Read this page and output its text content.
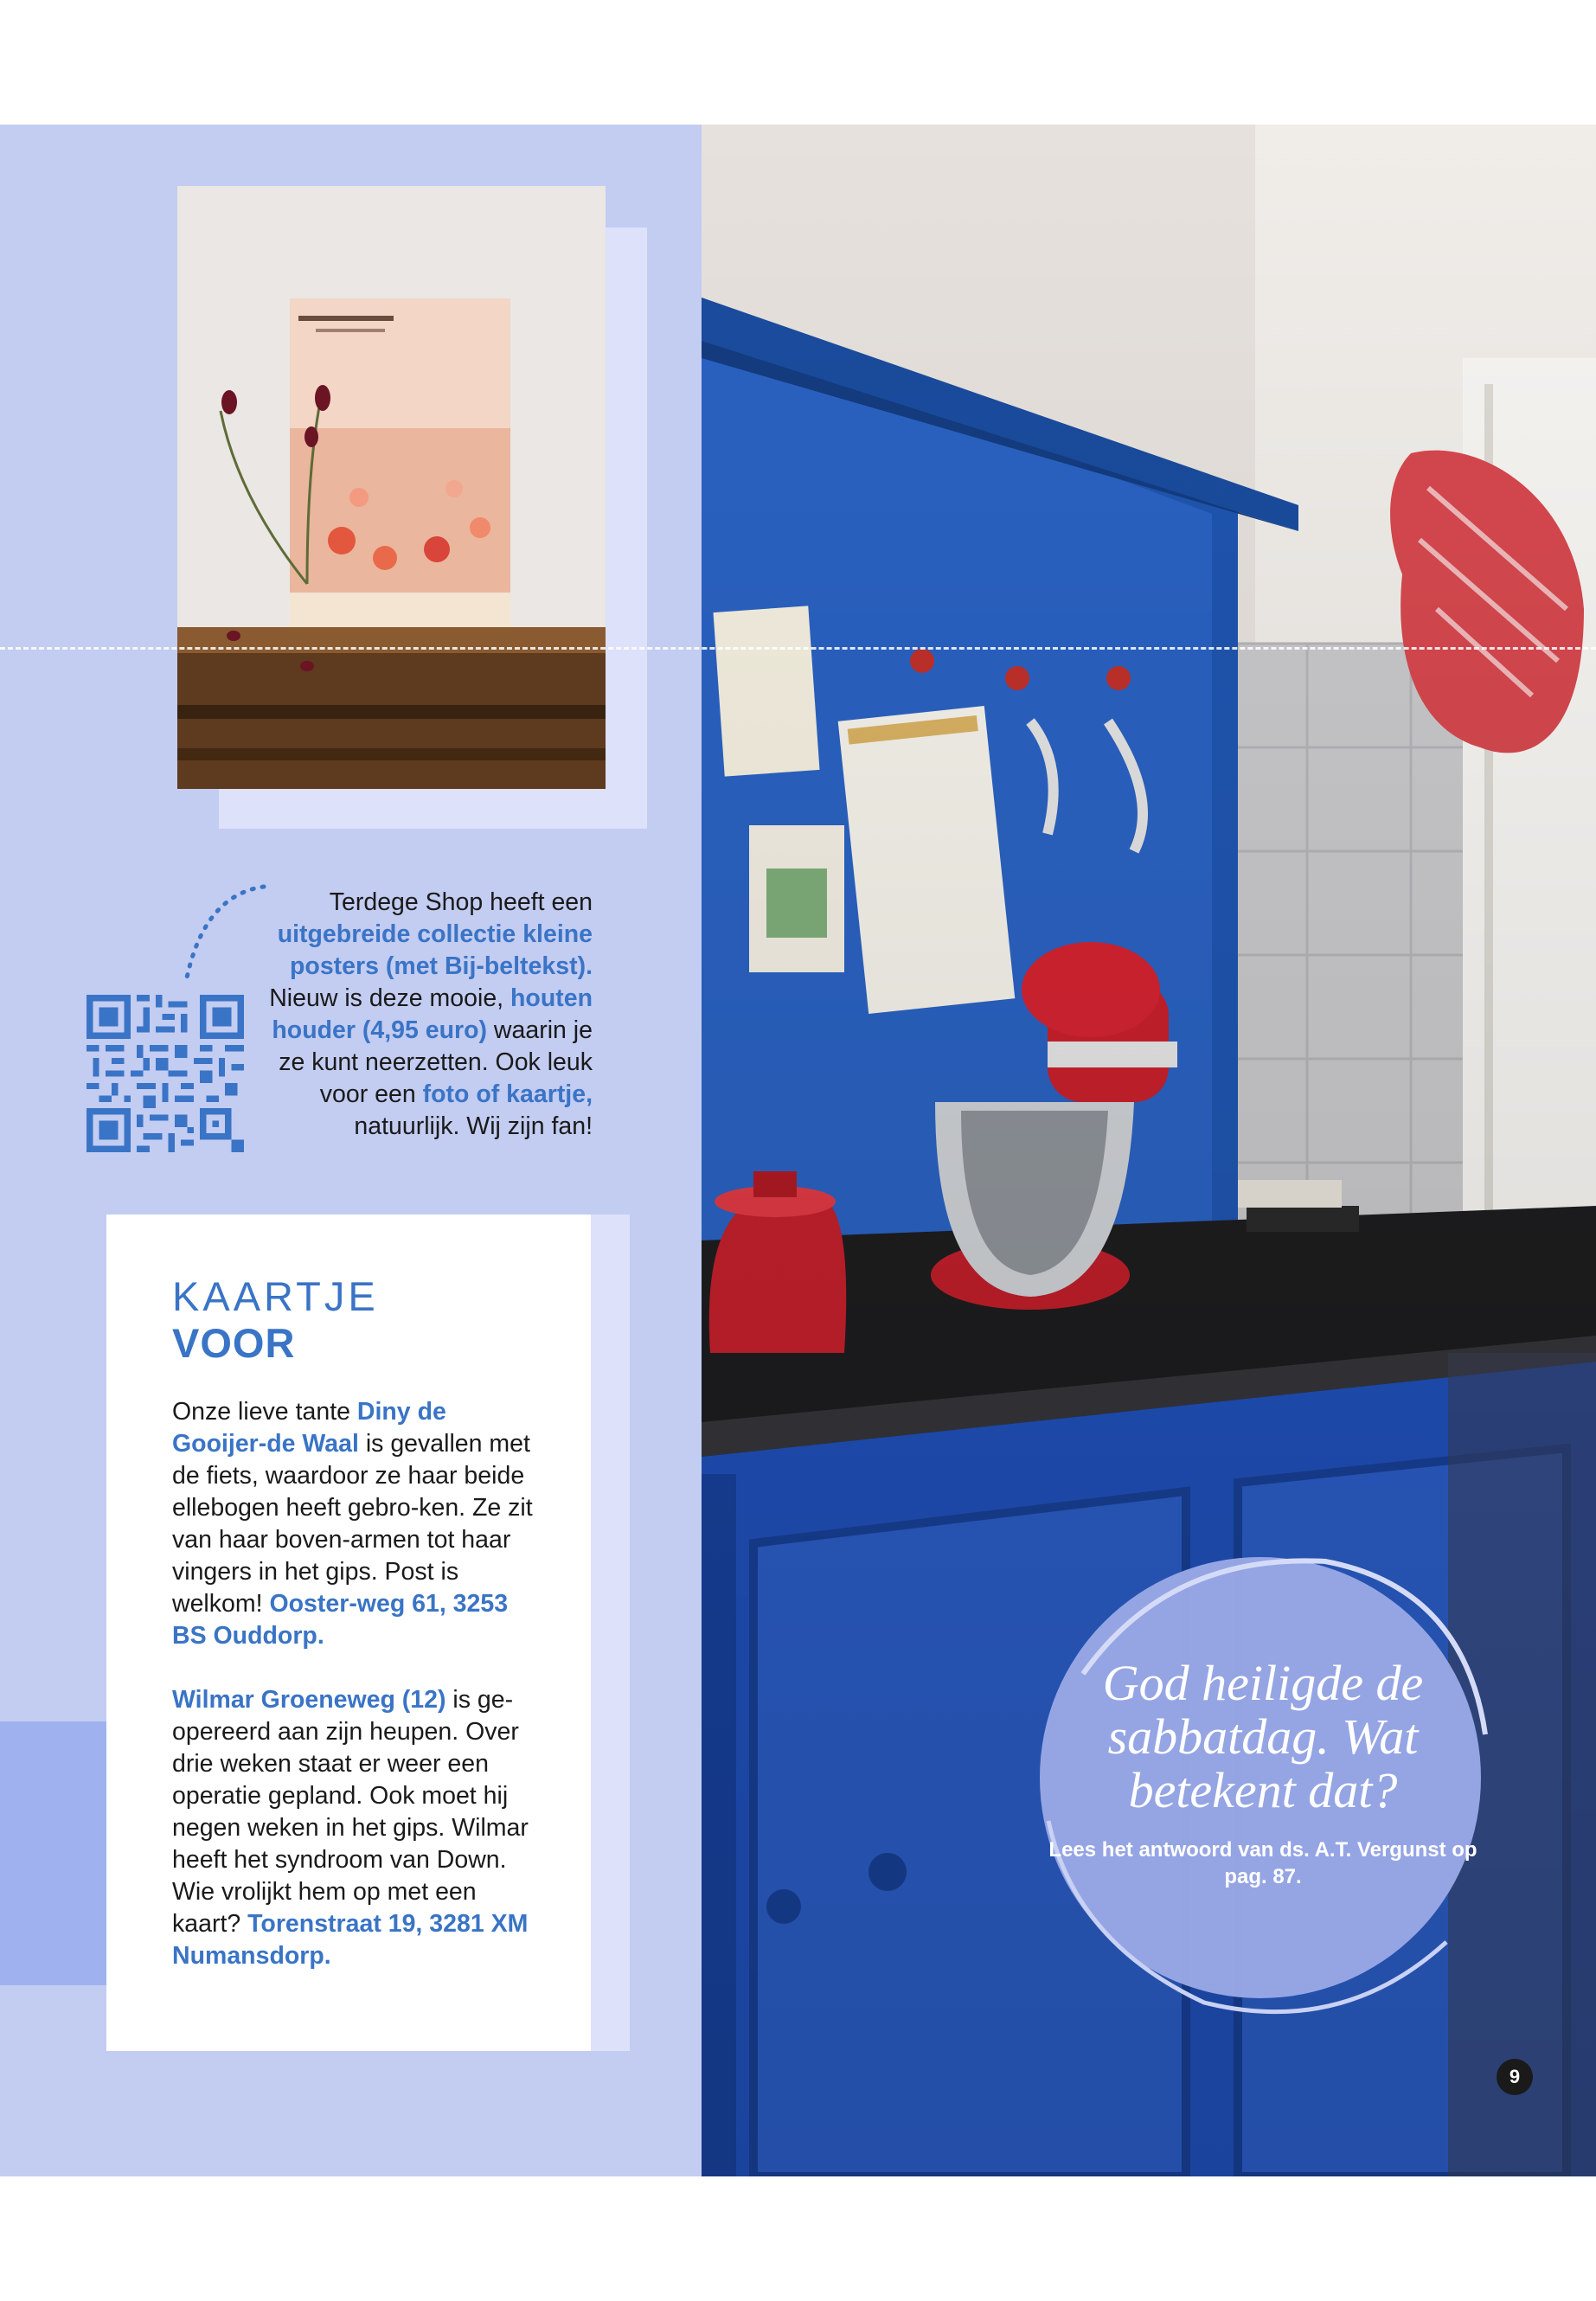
Terdege Shop heeft een uitgebreide collectie kleine posters (met Bij-beltekst). Nieuw is deze mooie, houten houder (4,95 euro) waarin je ze kunt neerzetten. Ook leuk voor een foto of kaartje, natuurlijk. Wij zijn fan!
KAARTJE
VOOR

Onze lieve tante Diny de Gooijer-de Waal is gevallen met de fiets, waardoor ze haar beide ellebogen heeft gebro-ken. Ze zit van haar boven-armen tot haar vingers in het gips. Post is welkom! Ooster-weg 61, 3253 BS Ouddorp.

Wilmar Groeneweg (12) is ge-opereerd aan zijn heupen. Over drie weken staat er weer een operatie gepland. Ook moet hij negen weken in het gips. Wilmar heeft het syndroom van Down. Wie vrolijkt hem op met een kaart? Torenstraat 19, 3281 XM Numansdorp.

God heiligde de sabbatdag. Wat betekent dat?
Lees het antwoord van ds. A.T. Vergunst op pag. 87.
9
